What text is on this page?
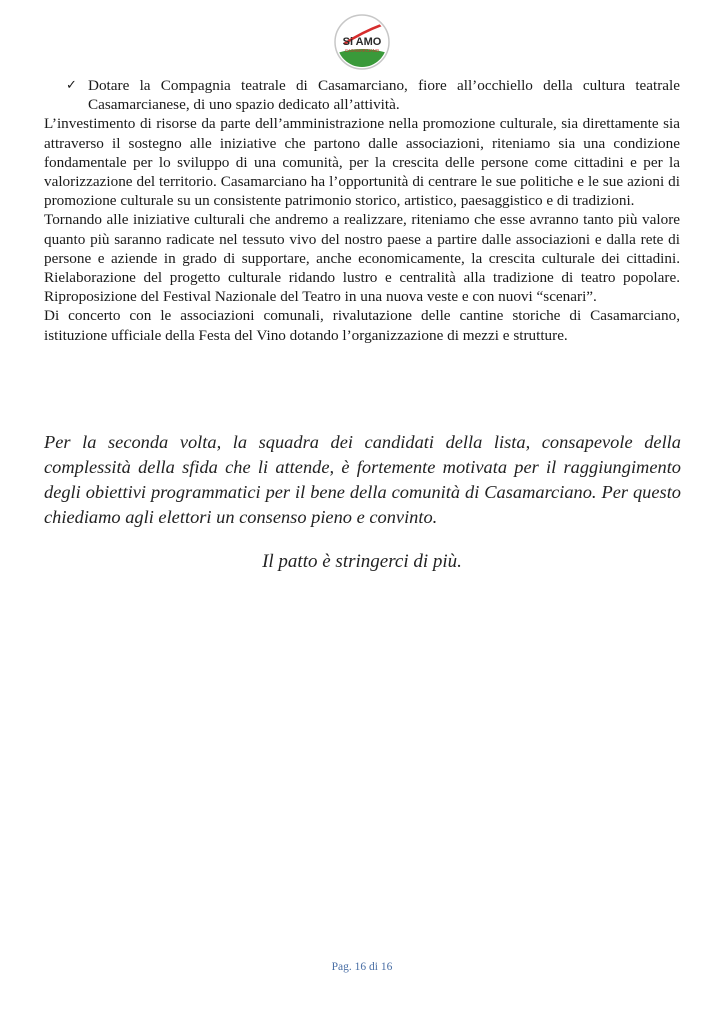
Si AMO
CASAMARCIANO
✓ Dotare la Compagnia teatrale di Casamarciano, fiore all’occhiello della cultura teatrale Casamarcianese, di uno spazio dedicato all’attività.

L’investimento di risorse da parte dell’amministrazione nella promozione culturale, sia direttamente sia attraverso il sostegno alle iniziative che partono dalle associazioni, riteniamo sia una condizione fondamentale per lo sviluppo di una comunità, per la crescita delle persone come cittadini e per la valorizzazione del territorio. Casamarciano ha l’opportunità di centrare le sue politiche e le sue azioni di promozione culturale su un consistente patrimonio storico, artistico, paesaggistico e di tradizioni.

Tornando alle iniziative culturali che andremo a realizzare, riteniamo che esse avranno tanto più valore quanto più saranno radicate nel tessuto vivo del nostro paese a partire dalle associazioni e dalla rete di persone e aziende in grado di supportare, anche economicamente, la crescita culturale dei cittadini. Rielaborazione del progetto culturale ridando lustro e centralità alla tradizione di teatro popolare. Riproposizione del Festival Nazionale del Teatro in una nuova veste e con nuovi “scenari”.

Di concerto con le associazioni comunali, rivalutazione delle cantine storiche di Casamarciano, istituzione ufficiale della Festa del Vino dotando l’organizzazione di mezzi e strutture.

Per la seconda volta, la squadra dei candidati della lista, consapevole della complessità della sfida che li attende, è fortemente motivata per il raggiungimento degli obiettivi programmatici per il bene della comunità di Casamarciano. Per questo chiediamo agli elettori un consenso pieno e convinto.
Il patto è stringerci di più.
Pag. 16 di 16
